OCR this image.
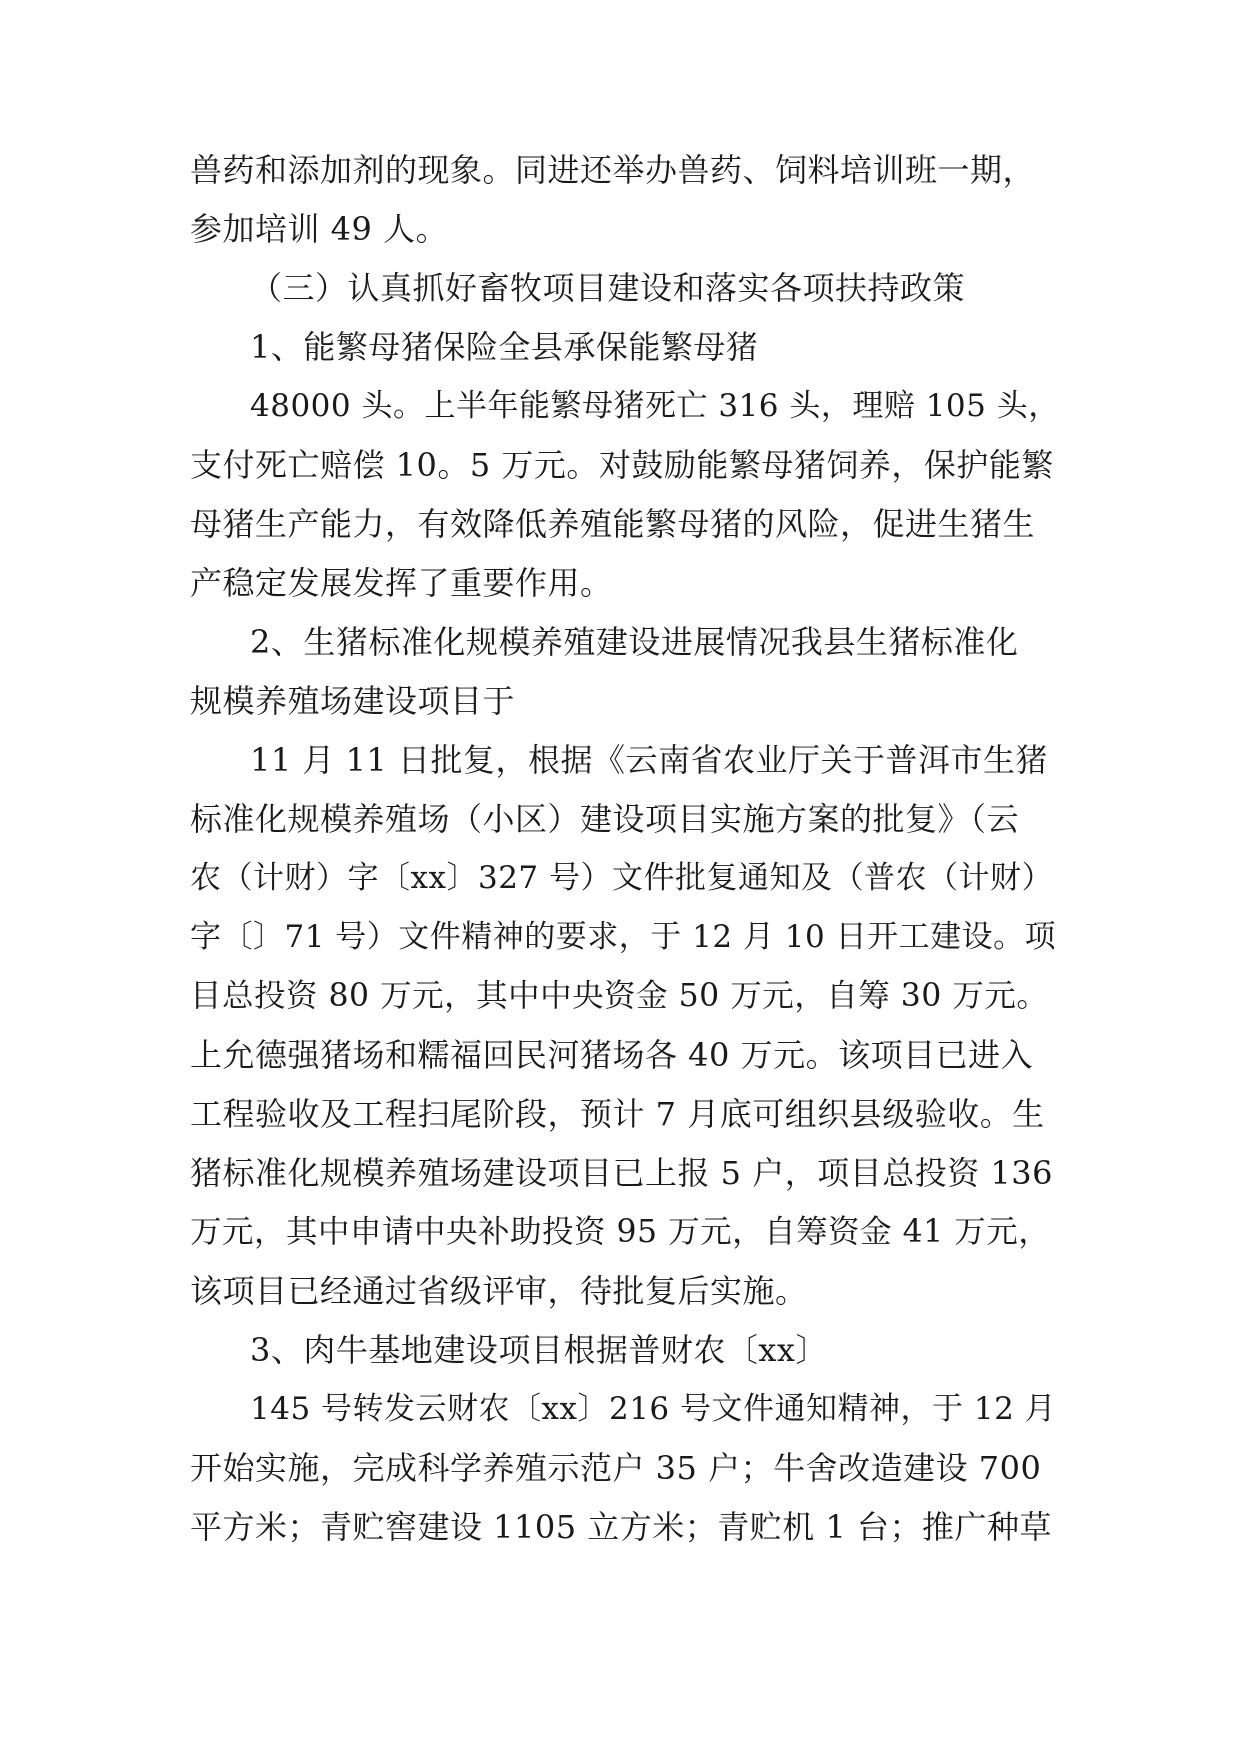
兽药和添加剂的现象。同进还举办兽药、饲料培训班一期，
参加培训 49 人。
（三）认真抓好畜牧项目建设和落实各项扶持政策
1、能繁母猪保险全县承保能繁母猪
48000 头。上半年能繁母猪死亡 316 头，理赔 105 头，
支付死亡赔偿 10。5 万元。对鼓励能繁母猪饲养，保护能繁
母猪生产能力，有效降低养殖能繁母猪的风险，促进生猪生
产稳定发展发挥了重要作用。
2、生猪标准化规模养殖建设进展情况我县生猪标准化
规模养殖场建设项目于
11 月 11 日批复，根据《云南省农业厅关于普洱市生猪
标准化规模养殖场（小区）建设项目实施方案的批复》（云
农（计财）字〔xx〕327 号）文件批复通知及（普农（计财）
字〔〕71 号）文件精神的要求，于 12 月 10 日开工建设。项
目总投资 80 万元，其中中央资金 50 万元，自筹 30 万元。
上允德强猪场和糯福回民河猪场各 40 万元。该项目已进入
工程验收及工程扫尾阶段，预计 7 月底可组织县级验收。生
猪标准化规模养殖场建设项目已上报 5 户，项目总投资 136
万元，其中申请中央补助投资 95 万元，自筹资金 41 万元，
该项目已经通过省级评审，待批复后实施。
3、肉牛基地建设项目根据普财农〔xx〕
145 号转发云财农〔xx〕216 号文件通知精神，于 12 月
开始实施，完成科学养殖示范户 35 户；牛舍改造建设 700
平方米；青贮窖建设 1105 立方米；青贮机 1 台；推广种草
